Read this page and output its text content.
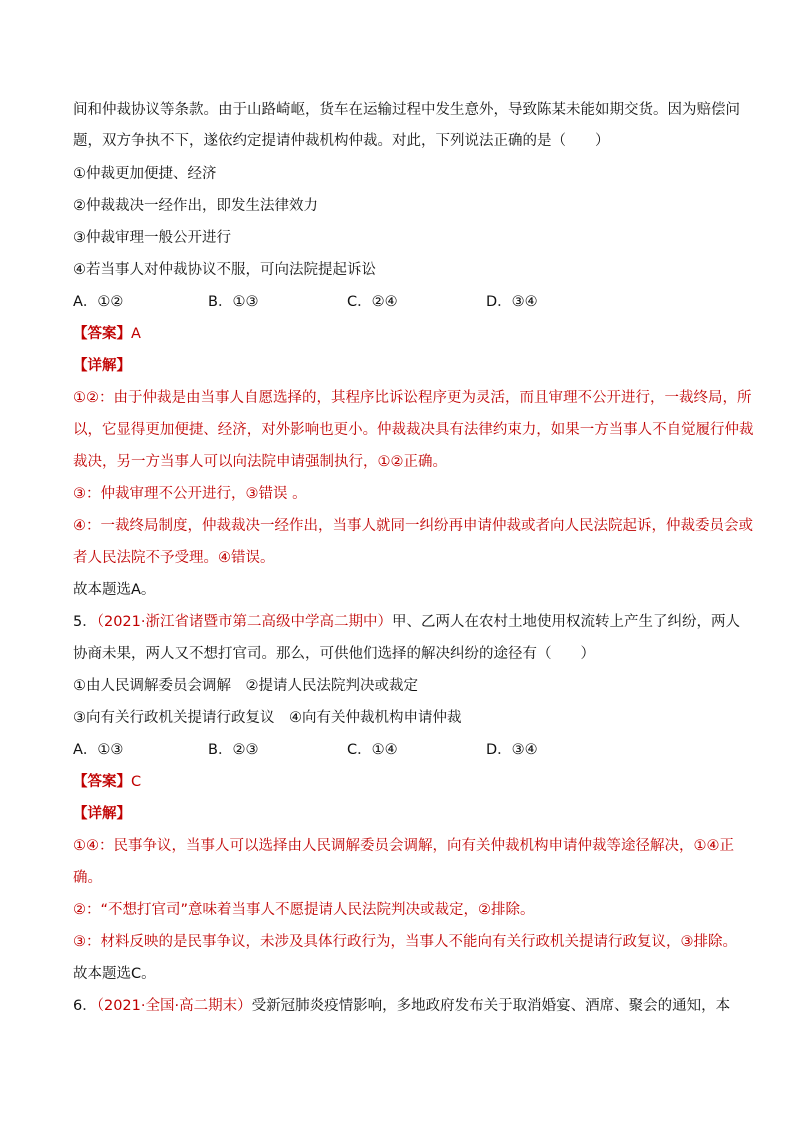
间和仲裁协议等条款。由于山路崎岖，货车在运输过程中发生意外，导致陈某未能如期交货。因为赔偿问
题，双方争执不下，遂依约定提请仲裁机构仲裁。对此，下列说法正确的是（　　）
①仲裁更加便捷、经济
②仲裁裁决一经作出，即发生法律效力
③仲裁审理一般公开进行
④若当事人对仲裁协议不服，可向法院提起诉讼
A．①②	B．①③	C．②④	D．③④
【答案】A
【详解】
①②：由于仲裁是由当事人自愿选择的，其程序比诉讼程序更为灵活，而且审理不公开进行，一裁终局，所
以，它显得更加便捷、经济，对外影响也更小。仲裁裁决具有法律约束力，如果一方当事人不自觉履行仲裁
裁决，另一方当事人可以向法院申请强制执行，①②正确。
③：仲裁审理不公开进行，③错误 。
④：一裁终局制度，仲裁裁决一经作出，当事人就同一纠纷再申请仲裁或者向人民法院起诉，仲裁委员会或
者人民法院不予受理。④错误。
故本题选A。
5．（2021·浙江省诸暨市第二高级中学高二期中）甲、乙两人在农村土地使用权流转上产生了纠纷，两人
协商未果，两人又不想打官司。那么，可供他们选择的解决纠纷的途径有（　　）
①由人民调解委员会调解　②提请人民法院判决或裁定
③向有关行政机关提请行政复议　④向有关仲裁机构申请仲裁
A．①③	B．②③	C．①④	D．③④
【答案】C
【详解】
①④：民事争议，当事人可以选择由人民调解委员会调解，向有关仲裁机构申请仲裁等途径解决，①④正
确。
②：“不想打官司”意味着当事人不愿提请人民法院判决或裁定，②排除。
③：材料反映的是民事争议，未涉及具体行政行为，当事人不能向有关行政机关提请行政复议，③排除。
故本题选C。
6．（2021·全国·高二期末）受新冠肺炎疫情影响，多地政府发布关于取消婚宴、酒席、聚会的通知，本
